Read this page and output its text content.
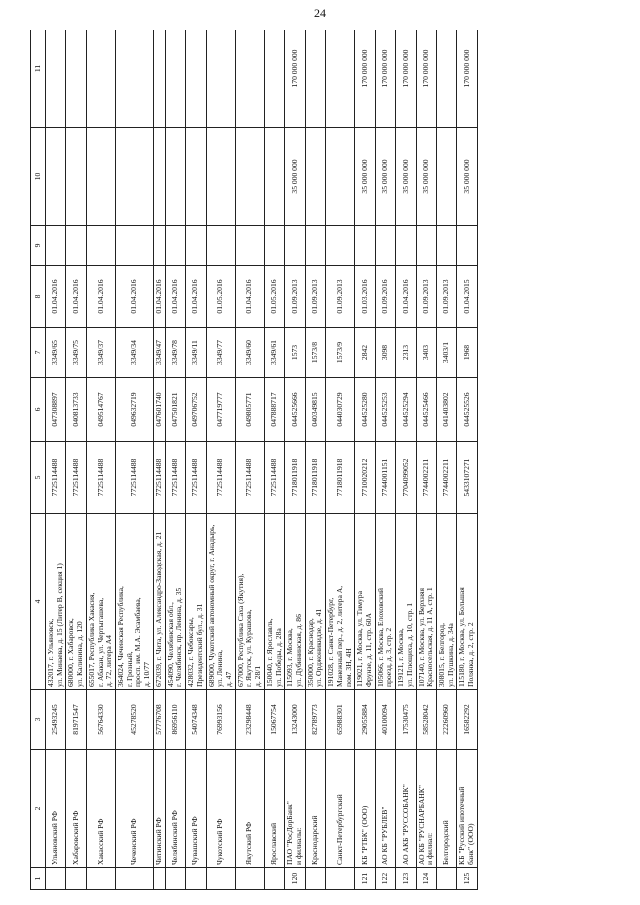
24
1	2	3	4	5	6	7	8	9	10	11
	Ульяновский РФ	25493245	432017, г. Ульяновск,
ул. Минаева, д. 15 (Литер В, секция 1)	7725114488	047308897	3349/65	01.04.2016			
	Хабаровский РФ	81971547	680000, г. Хабаровск,
ул. Калинина, д. 120	7725114488	040813733	3349/75	01.04.2016			
	Хакасский РФ	56764330	655017, Республика Хакасия,
г. Абакан, ул. Чертыгашева,
д. 72, литера А4	7725114488	049514767	3349/37	01.04.2016			
	Чеченский РФ	45278520	364024, Чеченская Республика,
г. Грозный,
просп. им. М.А. Эсамбаева,
д. 10/77	7725114488	049632719	3349/34	01.04.2016			
	Читинский РФ	57776708	672039, г. Чита, ул. Александро-Заводская, д. 21	7725114488	047601740	3349/47	01.04.2016			
	Челябинский РФ	86956110	454090, Челябинская обл.,
г. Челябинск, пр. Ленина, д. 35	7725114488	047501821	3349/78	01.04.2016			
	Чувашский РФ	54074348	428032, г. Чебоксары,
Президентский бул., д. 31	7725114488	049706752	3349/11	01.04.2016			
	Чукотский РФ	76993156	689000, Чукотский автономный округ, г. Анадырь, ул. Ленина,
д. 47	7725114488	047719777	3349/77	01.05.2016			
	Якутский РФ	23298448	677000, Республика Саха (Якутия),
г. Якутск, ул. Курашова,
д. 28/1	7725114488	049805771	3349/60	01.04.2016			
	Ярославский	15067754	150040, г. Ярославль,
ул. Победы, д. 28а	7725114488	047888717	3349/61	01.05.2016			
120	ПАО "РосДорБанк"
и филиалы:	13243000	115093, г. Москва,
ул. Дубининская, д. 86	7718011918	044525666	1573	01.09.2013		35 000 000	170 000 000
	Краснодарский	82789773	350000, г. Краснодар,
ул. Орджоникидзе, д. 41	7718011918	040349815	1573/8	01.09.2013			
	Санкт-Петербургский	65988301	191028, г. Санкт-Петербург,
Манежный пер., д. 2, литера А,
пом. 3Н, 4Н	7718011918	044030729	1573/9	01.09.2013			
121	КБ "РТБК" (ООО)	29055884	119021, г. Москва, ул. Тимура
Фрунзе, д. 11, стр. 60А	7710020212	044525280	2842	01.03.2016		35 000 000	170 000 000
122	АО КБ "РУБЛЕВ"	40100094	105066, г. Москва, Елоховский
проезд, д. 3, стр. 2	7744001151	044525253	3098	01.09.2016		35 000 000	170 000 000
123	АО АКБ "РУССОБАНК"	17530475	119121, г. Москва,
ул. Плющиха, д. 10, стр. 1	7704099052	044525294	2313	01.04.2016		35 000 000	170 000 000
124	АО КБ "РУСНАРБАНК"
и филиал:	58528042	107140, г. Москва, ул. Верхняя
Красносельская, д. 11 А, стр. 1	7744002211	044525466	3403	01.09.2013		35 000 000	170 000 000
	Белгородский	22260960	308015, г. Белгород,
ул. Пушкина, д. 34а	7744002211	041403802	3403/1	01.09.2013			
125	КБ "Русский ипотечный
банк" (ООО)	16582292	115180, г. Москва, ул. Большая
Полянка, д. 2, стр. 2	5433107271	044525526	1968	01.04.2015		35 000 000	170 000 000
